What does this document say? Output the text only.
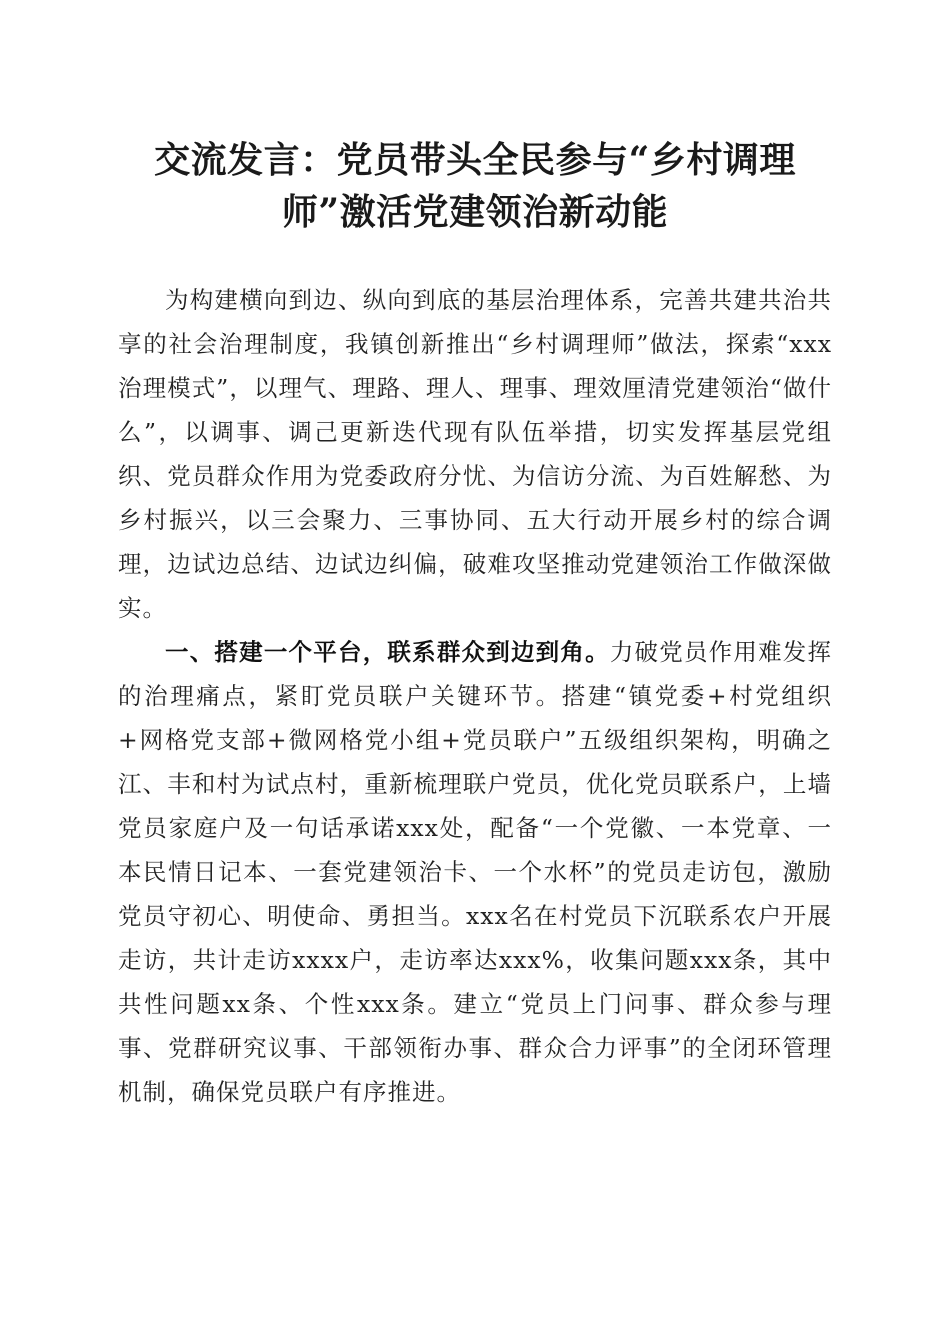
交流发言：党员带头全民参与“乡村调理
师”激活党建领治新动能

为构建横向到边、纵向到底的基层治理体系，完善共建共治共享的社会治理制度，我镇创新推出“乡村调理师”做法，探索“xxx治理模式”，以理气、理路、理人、理事、理效厘清党建领治“做什么”，以调事、调己更新迭代现有队伍举措，切实发挥基层党组织、党员群众作用为党委政府分忧、为信访分流、为百姓解愁、为乡村振兴，以三会聚力、三事协同、五大行动开展乡村的综合调理，边试边总结、边试边纠偏，破难攻坚推动党建领治工作做深做实。

一、搭建一个平台，联系群众到边到角。力破党员作用难发挥的治理痛点，紧盯党员联户关键环节。搭建“镇党委+村党组织+网格党支部+微网格党小组+党员联户”五级组织架构，明确之江、丰和村为试点村，重新梳理联户党员，优化党员联系户，上墙党员家庭户及一句话承诺xxx处，配备“一个党徽、一本党章、一本民情日记本、一套党建领治卡、一个水杯”的党员走访包，激励党员守初心、明使命、勇担当。xxx名在村党员下沉联系农户开展走访，共计走访xxxx户，走访率达xxx%，收集问题xxx条，其中共性问题xx条、个性xxx条。建立“党员上门问事、群众参与理事、党群研究议事、干部领衔办事、群众合力评事”的全闭环管理机制，确保党员联户有序推进。
